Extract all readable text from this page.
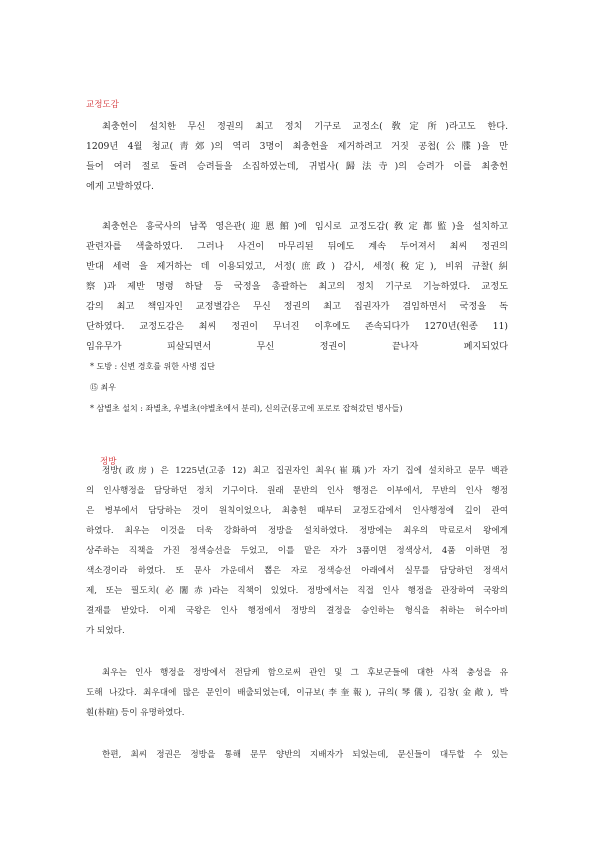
교정도감
최충헌이 설치한 무신 정권의 최고 정치 기구로 교정소(敎定所)라고도 한다.
1209년 4월 청교(靑郊)의 역리 3명이 최충헌을 제거하려고 거짓 공첩(公牒)을 만
들어 여러 절로 돌려 승려들을 소집하였는데, 귀법사(歸法寺)의 승려가 이를 최충헌
에게 고발하였다.
최충헌은 흥국사의 남쪽 영은관(迎恩館)에 임시로 교정도감(敎定都監)을 설치하고
관련자를 색출하였다. 그러나 사건이 마무리된 뒤에도 계속 두어져서 최씨 정권의
반대 세력 을 제거하는 데 이용되었고, 서정(庶政) 감시, 세정(稅定), 비위 규찰(糾
察)과 제반 명령 하달 등 국정을 총괄하는 최고의 정치 기구로 기능하였다. 교정도
감의 최고 책임자인 교정별감은 무신 정권의 최고 집권자가 겸임하면서 국정을 독
단하였다. 교정도감은 최씨 정권이 무너진 이후에도 존속되다가 1270년(원종 11)
임유무가 피살되면서 무신 정권이 끝나자 폐지되었다
* 도방 : 신변 경호를 위한 사병 집단
⑮ 최우
* 삼별초 설치 : 좌별초, 우별초(야별초에서 분리), 신의군(몽고에 포로로 잡혀갔던 병사들)
정방
정방(政房) 은 1225년(고종 12) 최고 집권자인 최우(崔瑀)가 자기 집에 설치하고 문무 백관
의 인사행정을 담당하던 정치 기구이다. 원래 문반의 인사 행정은 이부에서, 무반의 인사 행정
은 병부에서 담당하는 것이 원칙이었으나, 최충헌 때부터 교정도감에서 인사행정에 깊이 관여
하였다. 최우는 이것을 더욱 강화하여 정방을 설치하였다. 정방에는 최우의 막료로서 왕에게
상주하는 직책을 가진 정색승선을 두었고, 이를 맡은 자가 3품이면 정색상서, 4품 이하면 정
색소경이라 하였다. 또 문사 가운데서 뽑은 자로 정색승선 아래에서 실무를 담당하던 정색서
제, 또는 필도치(必闍赤)라는 직책이 있었다. 정방에서는 직접 인사 행정을 관장하여 국왕의
결재를 받았다. 이제 국왕은 인사 행정에서 정방의 결정을 승인하는 형식을 취하는 허수아비
가 되었다.
최우는 인사 행정을 정방에서 전담케 함으로써 관인 및 그 후보군들에 대한 사적 충성을 유
도해 나갔다. 최우대에 많은 문인이 배출되었는데, 이규보(李奎報), 규의(琴儀), 김창(金敞), 박
훤(朴暄) 등이 유명하였다.
한편, 최씨 정권은 정방을 통해 문무 양반의 지배자가 되었는데, 문신들이 대두할 수 있는
